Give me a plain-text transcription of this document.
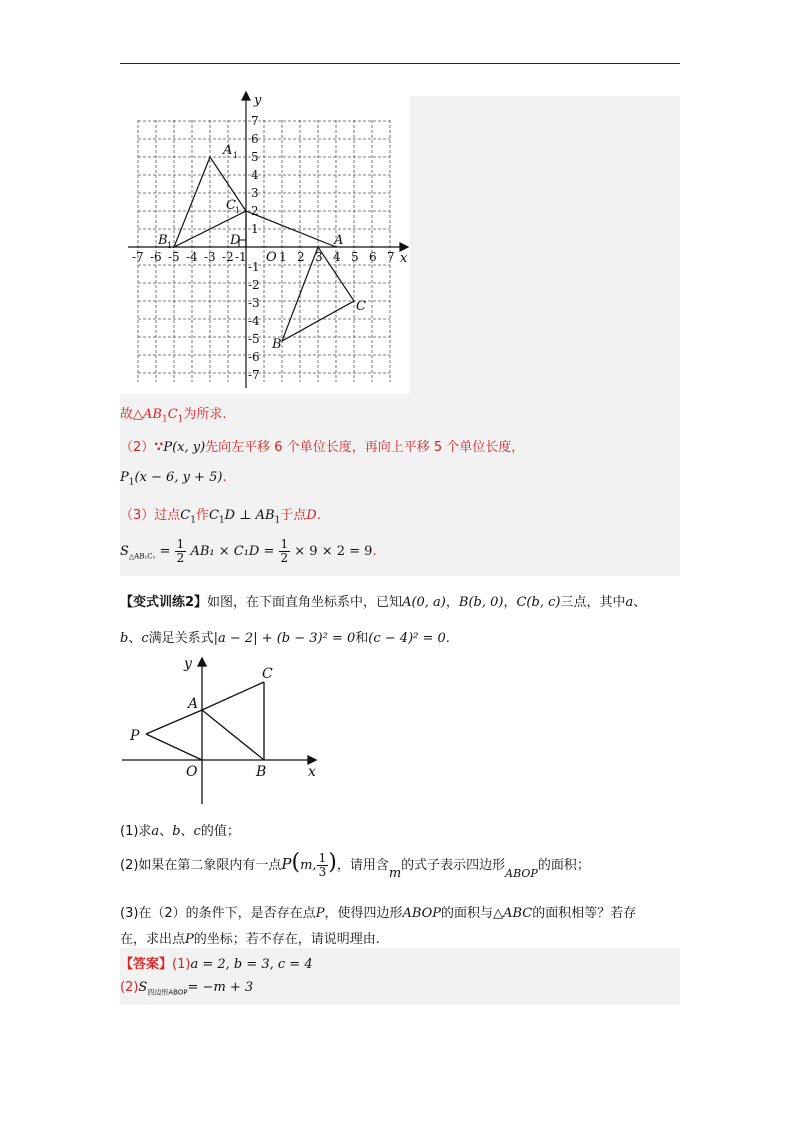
-7 -6 -5 -4 -3 -2 -1	1 2 3 4 5 6 7
1
2
3
4
5
6
7
-1
-2
-3
-4
-5
-6
-7
x
y
O
A
B
C
A 1
B 1
C 1
D
故$\triangle AB_1C_1$为所求.
（2）∵P(x, y)先向左平移 6 个单位长度，再向上平移 5 个单位长度，
$P_1(x - 6$, y + 5).
（3）过点$C_1$作$C_1D$ ⊥ $AB_1$于点D.
$S_{\triangle AB_1C_1} = \frac{1}{2} AB_1 \times C_1D = \frac{1}{2} \times 9 \times 2 = 9$.
【变式训练2】如图，在下面直角坐标系中，已知A(0, a)，B(b, 0)，C(b, c)三点，其中a、
b、c满足关系式|a − 2| + (b − 3)² = 0和(c − 4)² = 0.
y
x
A
C
P
O	B
(1)求a、b、c的值；
(2)如果在第二象限内有一点P(m, $\frac{1}{3}$ )，请用含m的式子表示四边形$_{ABOP}$的面积；
(3)在（2）的条件下，是否存在点P，使得四边形ABOP的面积与△ABC的面积相等？若存
在，求出点P的坐标；若不存在，请说明理由.
【答案】(1)a = 2, b = 3, c = 4
$(2)S_{四边形ABOP}= -m + 3$
